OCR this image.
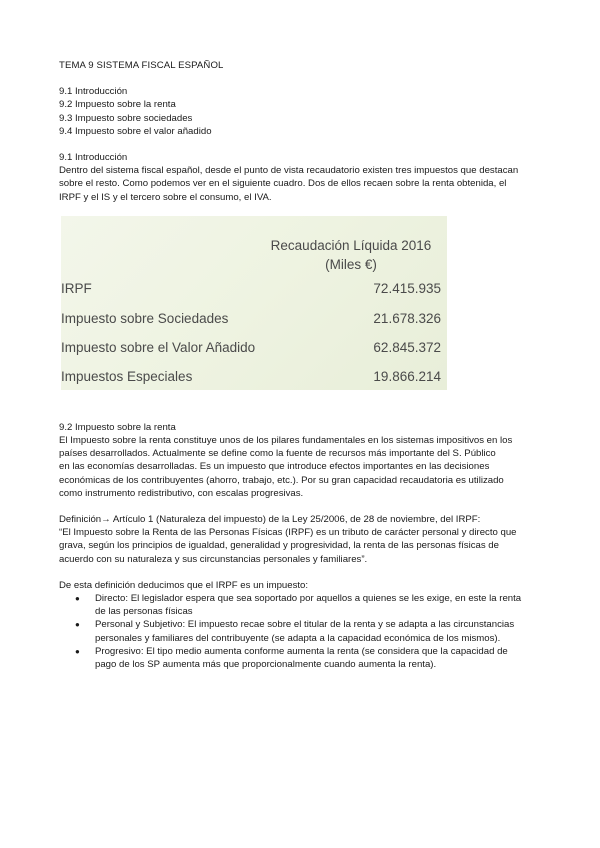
TEMA 9 SISTEMA FISCAL ESPAÑOL

9.1 Introducción

9.2 Impuesto sobre la renta

9.3 Impuesto sobre sociedades

9.4 Impuesto sobre el valor añadido

9.1 Introducción

Dentro del sistema fiscal español, desde el punto de vista recaudatorio existen tres impuestos que destacan

sobre el resto. Como podemos ver en el siguiente cuadro. Dos de ellos recaen sobre la renta obtenida, el

IRPF y el IS y el tercero sobre el consumo, el IVA.

Recaudación Líquida 2016
(Miles €)
IRPF	72.415.935
Impuesto sobre Sociedades	21.678.326
Impuesto sobre el Valor Añadido	62.845.372
Impuestos Especiales	19.866.214

9.2 Impuesto sobre la renta

El Impuesto sobre la renta constituye unos de los pilares fundamentales en los sistemas impositivos en los

países desarrollados. Actualmente se define como la fuente de recursos más importante del S. Público

en las economías desarrolladas. Es un impuesto que introduce efectos importantes en las decisiones

económicas de los contribuyentes (ahorro, trabajo, etc.). Por su gran capacidad recaudatoria es utilizado

como instrumento redistributivo, con escalas progresivas.

Definición→ Artículo 1 (Naturaleza del impuesto) de la Ley 25/2006, de 28 de noviembre, del IRPF:

“El Impuesto sobre la Renta de las Personas Físicas (IRPF) es un tributo de carácter personal y directo que

grava, según los principios de igualdad, generalidad y progresividad, la renta de las personas físicas de

acuerdo con su naturaleza y sus circunstancias personales y familiares”.

De esta definición deducimos que el IRPF es un impuesto:

● Directo: El legislador espera que sea soportado por aquellos a quienes se les exige, en este la renta

de las personas físicas

● Personal y Subjetivo: El impuesto recae sobre el titular de la renta y se adapta a las circunstancias

personales y familiares del contribuyente (se adapta a la capacidad económica de los mismos).

● Progresivo: El tipo medio aumenta conforme aumenta la renta (se considera que la capacidad de

pago de los SP aumenta más que proporcionalmente cuando aumenta la renta).
